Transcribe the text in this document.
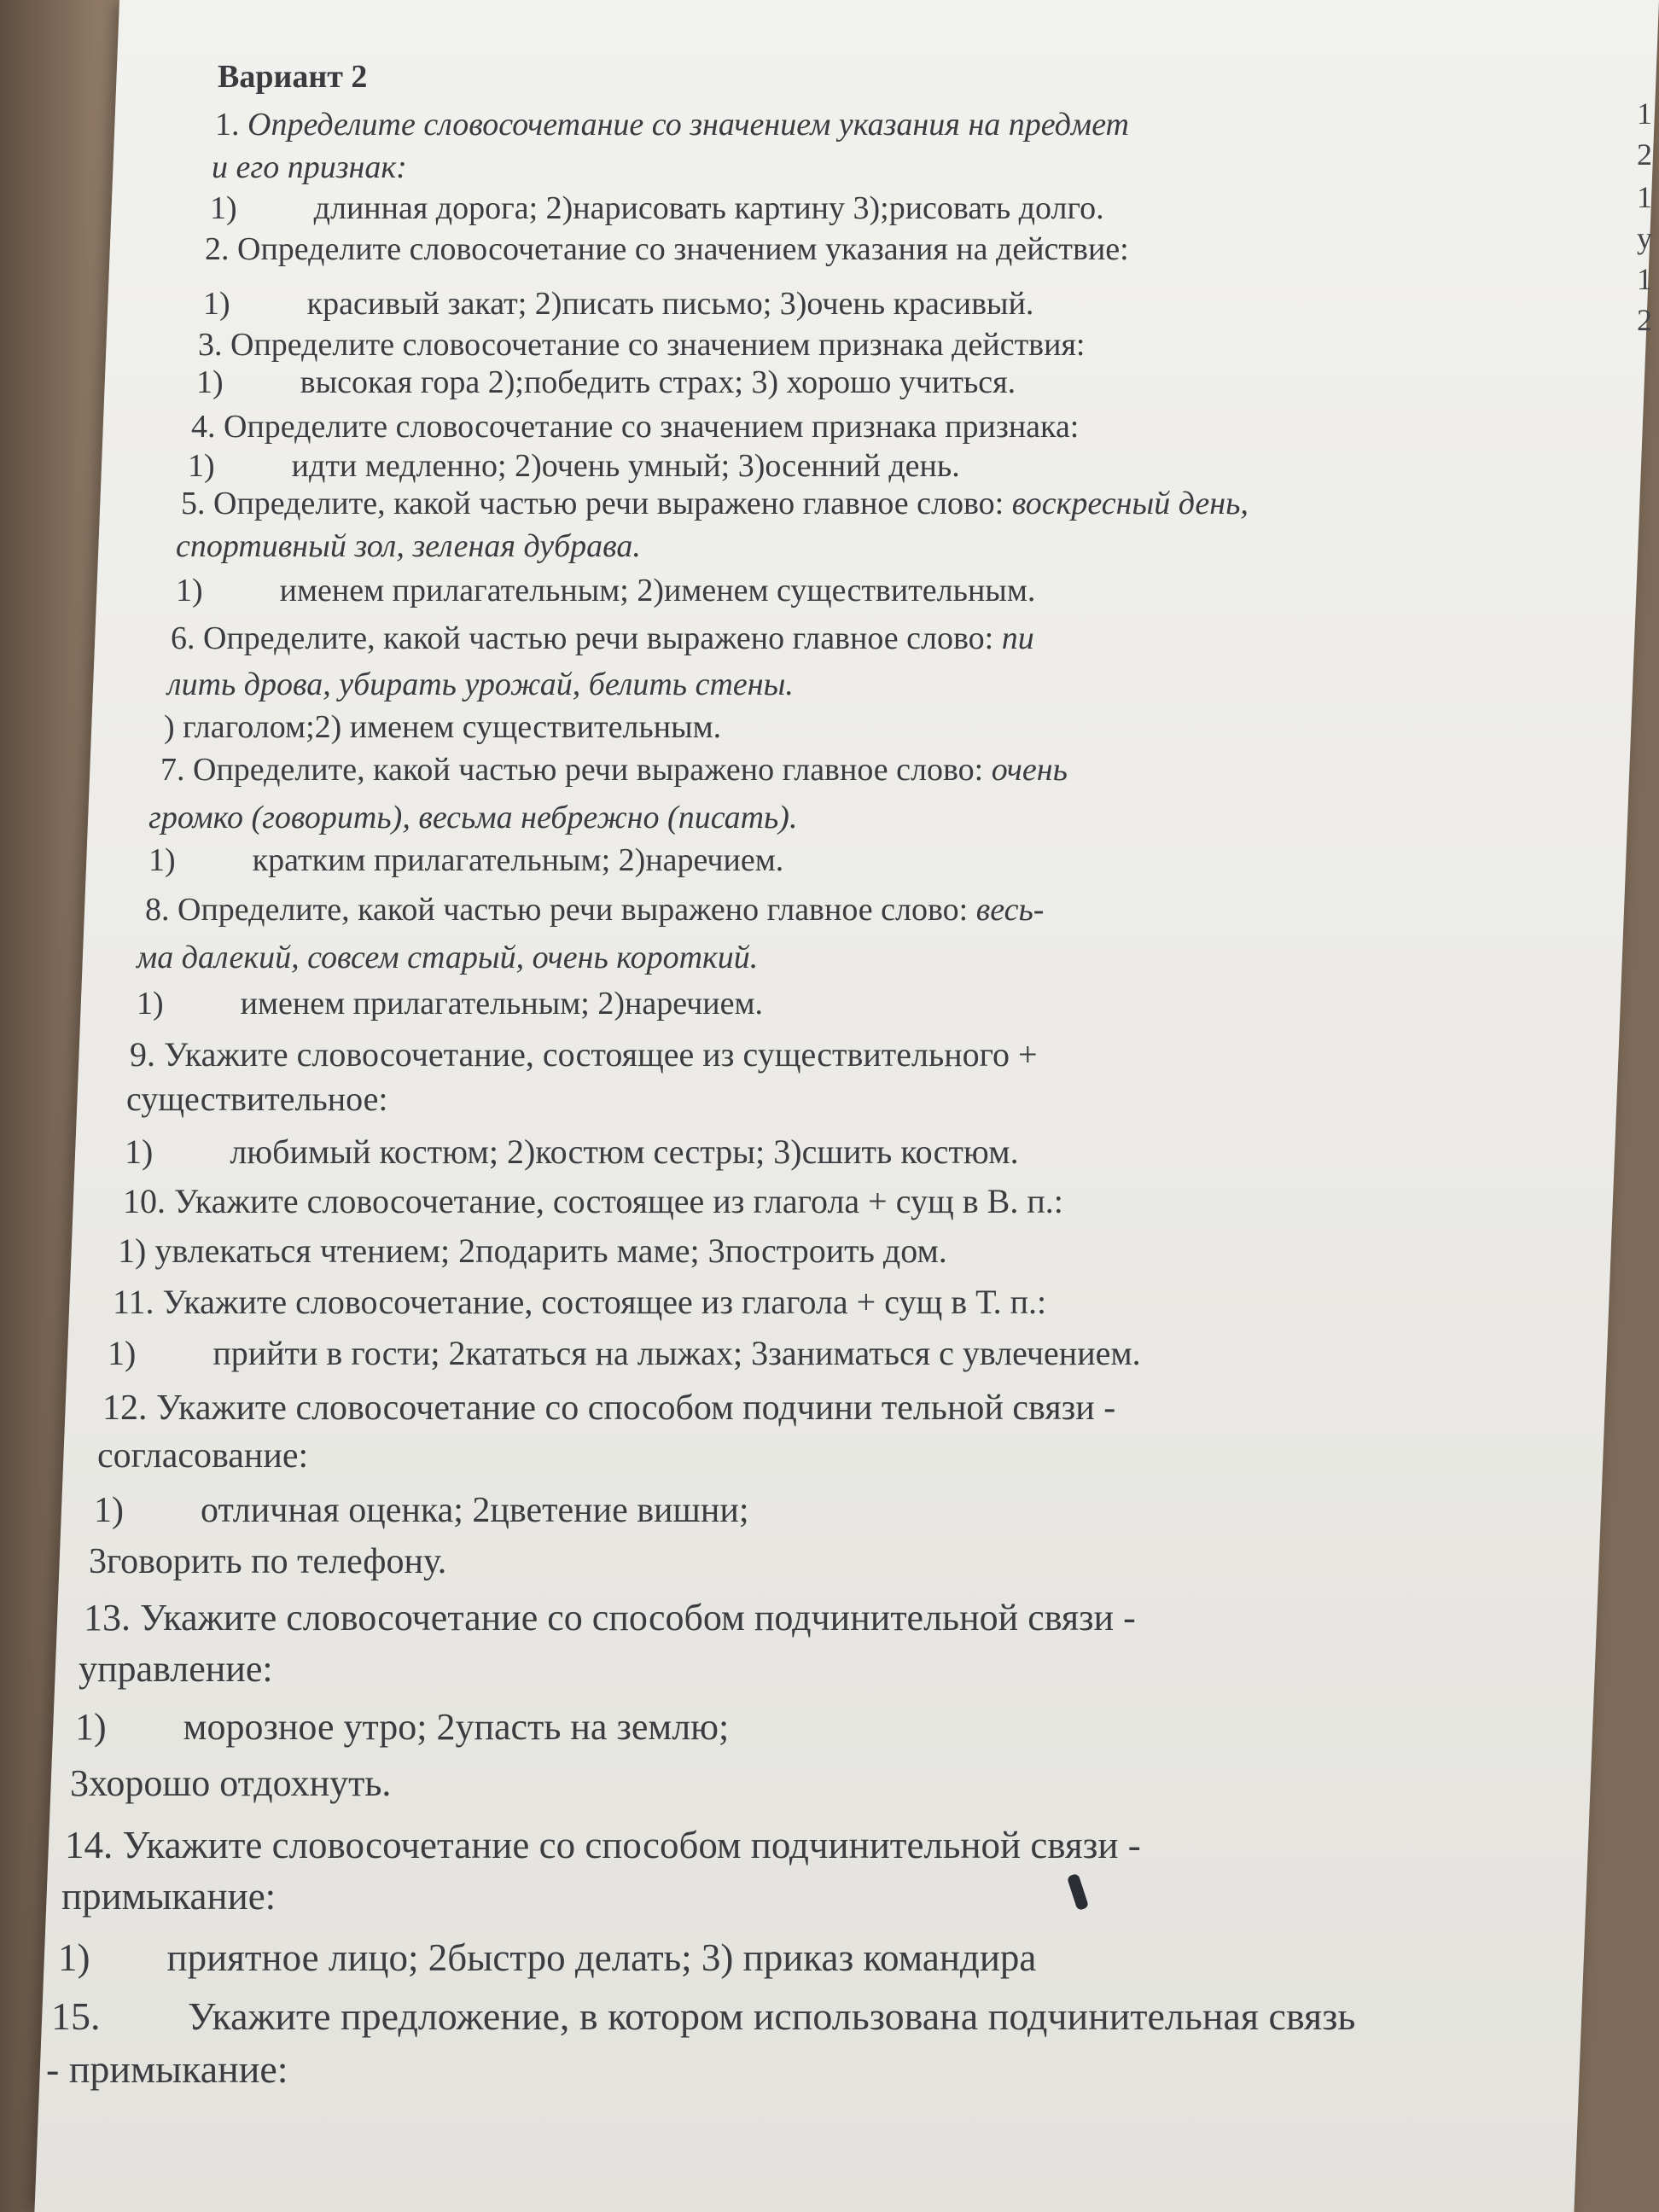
Вариант 2
1. Определите словосочетание со значением указания на предмет
и его признак:
1) длинная дорога; 2)нарисовать картину 3);рисовать долго.
2. Определите словосочетание со значением указания на действие:
1) красивый закат; 2)писать письмо; 3)очень красивый.
3. Определите словосочетание со значением признака действия:
1) высокая гора 2);победить страх; 3) хорошо учиться.
4. Определите словосочетание со значением признака признака:
1) идти медленно; 2)очень умный; 3)осенний день.
5. Определите, какой частью речи выражено главное слово: воскресный день,
спортивный зол, зеленая дубрава.
1) именем прилагательным; 2)именем существительным.
6. Определите, какой частью речи выражено главное слово: пи
лить дрова, убирать урожай, белить стены.
) глаголом;2) именем существительным.
7. Определите, какой частью речи выражено главное слово: очень
громко (говорить), весьма небрежно (писать).
1) кратким прилагательным; 2)наречием.
8. Определите, какой частью речи выражено главное слово: весь-
ма далекий, совсем старый, очень короткий.
1) именем прилагательным; 2)наречием.
9. Укажите словосочетание, состоящее из существительного +
существительное:
1) любимый костюм; 2)костюм сестры; 3)сшить костюм.
10. Укажите словосочетание, состоящее из глагола + сущ в В. п.:
1) увлекаться чтением; 2подарить маме; 3построить дом.
11. Укажите словосочетание, состоящее из глагола + сущ в Т. п.:
1) прийти в гости; 2кататься на лыжах; 3заниматься с увлечением.
12. Укажите словосочетание со способом подчини тельной связи -
согласование:
1) отличная оценка; 2цветение вишни;
3говорить по телефону.
13. Укажите словосочетание со способом подчинительной связи -
управление:
1) морозное утро; 2упасть на землю;
3хорошо отдохнуть.
14. Укажите словосочетание со способом подчинительной связи -
примыкание:
1) приятное лицо; 2быстро делать; 3) приказ командира
15. Укажите предложение, в котором использована подчинительная связь
- примыкание:
1
2
1
у
1
2
